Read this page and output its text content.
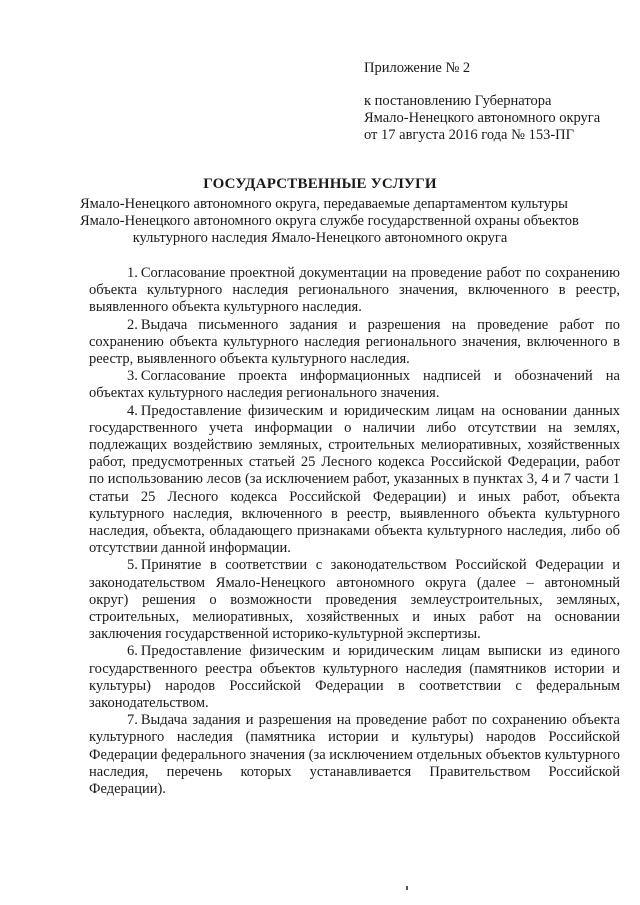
Приложение № 2
к постановлению Губернатора
Ямало-Ненецкого автономного округа
от 17 августа 2016 года № 153-ПГ
ГОСУДАРСТВЕННЫЕ УСЛУГИ
Ямало-Ненецкого автономного округа, передаваемые департаментом культуры
Ямало-Ненецкого автономного округа службе государственной охраны объектов
культурного наследия Ямало-Ненецкого автономного округа

1. Согласование проектной документации на проведение работ по сохранению объекта культурного наследия регионального значения, включенного в реестр, выявленного объекта культурного наследия.

2. Выдача письменного задания и разрешения на проведение работ по сохранению объекта культурного наследия регионального значения, включенного в реестр, выявленного объекта культурного наследия.

3. Согласование проекта информационных надписей и обозначений на объектах культурного наследия регионального значения.

4. Предоставление физическим и юридическим лицам на основании данных государственного учета информации о наличии либо отсутствии на землях, подлежащих воздействию земляных, строительных мелиоративных, хозяйственных работ, предусмотренных статьей 25 Лесного кодекса Российской Федерации, работ по использованию лесов (за исключением работ, указанных в пунктах 3, 4 и 7 части 1 статьи 25 Лесного кодекса Российской Федерации) и иных работ, объекта культурного наследия, включенного в реестр, выявленного объекта культурного наследия, объекта, обладающего признаками объекта культурного наследия, либо об отсутствии данной информации.

5. Принятие в соответствии с законодательством Российской Федерации и законодательством Ямало-Ненецкого автономного округа (далее – автономный округ) решения о возможности проведения землеустроительных, земляных, строительных, мелиоративных, хозяйственных и иных работ на основании заключения государственной историко-культурной экспертизы.

6. Предоставление физическим и юридическим лицам выписки из единого государственного реестра объектов культурного наследия (памятников истории и культуры) народов Российской Федерации в соответствии с федеральным законодательством.

7. Выдача задания и разрешения на проведение работ по сохранению объекта культурного наследия (памятника истории и культуры) народов Российской Федерации федерального значения (за исключением отдельных объектов культурного наследия, перечень которых устанавливается Правительством Российской Федерации).
